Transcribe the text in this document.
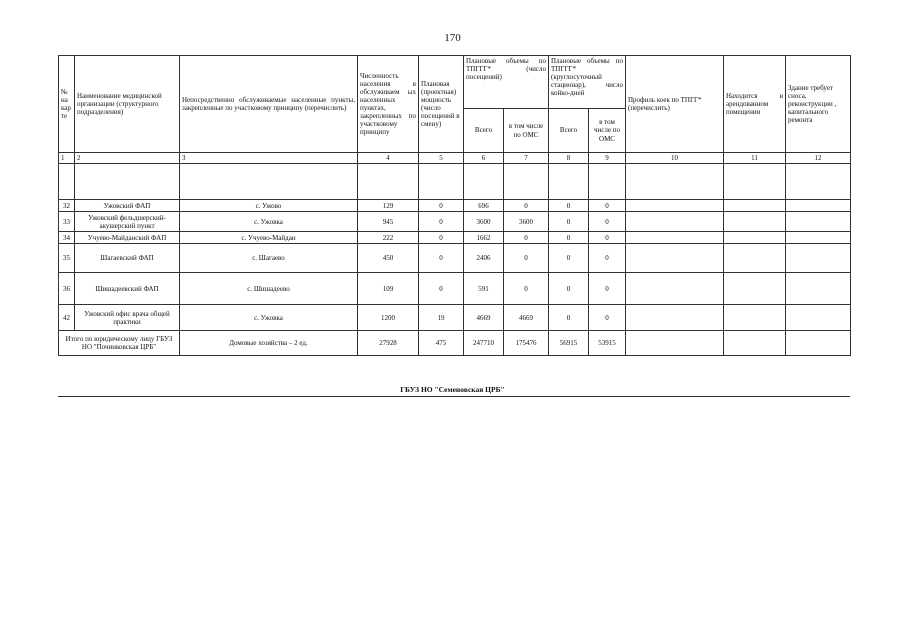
170
№ на кар те	Наименование медицинской организации (структурного подразделения)	Непосредственно обслуживаемые населенные пункты, закрепленные по участковому принципу (перечислить)	Численность населения в обслуживаем ых населенных пунктах, закрепленных по участковому принципу	Плановая (проектная) мощность (число посещений в смену)	Плановые объемы по ТПГГГ* (число посещений)		Плановые объемы по ТПГГГ* (круглосуточный стационар), число койко-дней		Профиль коек по ТПГГ* (перечислить)	Находится в арендованном помещении	Здание требует сноса, реконструкции , капитального ремонта
					Всего	в том числе по ОМС	Всего	в том числе по ОМС			
1	2	3	4	5	6	7	8	9	10	11	12

32	Ужовский ФАП	с. Ужово	129	0	696	0	0	0			
33	Ужовский фельдшерский-акушерский пункт	с. Ужовка	945	0	3600	3600	0	0			
34	Учуево-Майданский ФАП	с. Учуево-Майдан	222	0	1662	0	0	0			
35	Шагаевский ФАП	с. Шагаево	450	0	2406	0	0	0			
36	Шишадеевский ФАП	с. Шишадеево	109	0	591	0	0	0			
42	Ужовский офис врача общей практики	с. Ужовка	1200	19	4669	4669	0	0			
Итого по юридическому лицу ГБУЗ НО "Починковская ЦРБ"		Домовые хозяйства – 2 ед.	27928	475	247710	175476	56915	53915			
ГБУЗ НО "Семеновская ЦРБ"
